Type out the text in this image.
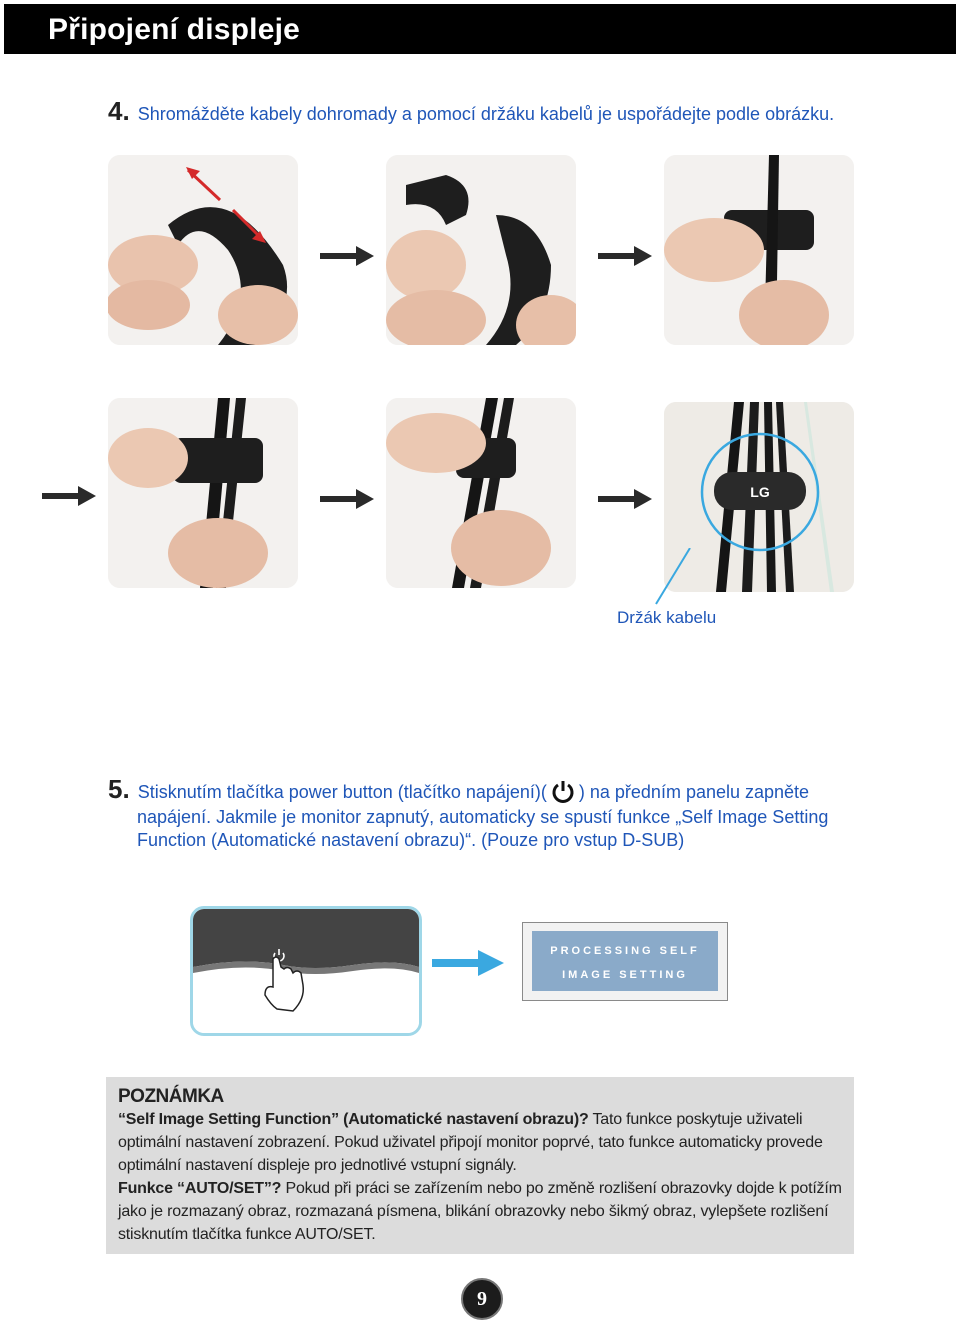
Připojení displeje
4. Shromážděte kabely dohromady a pomocí držáku kabelů je uspořádejte podle obrázku.
LG
Držák kabelu
5. Stisknutím tlačítka power button (tlačítko napájení)( ) na předním panelu zapněte
napájení. Jakmile je monitor zapnutý, automaticky se spustí funkce „Self Image Setting
Function (Automatické nastavení obrazu)“. (Pouze pro vstup D-SUB)
PROCESSING SELF
IMAGE SETTING
POZNÁMKA
“Self Image Setting Function” (Automatické nastavení obrazu)? Tato funkce poskytuje uživateli optimální nastavení zobrazení. Pokud uživatel připojí monitor poprvé, tato funkce automaticky provede optimální nastavení displeje pro jednotlivé vstupní signály.
Funkce “AUTO/SET”? Pokud při práci se zařízením nebo po změně rozlišení obrazovky dojde k potížím jako je rozmazaný obraz, rozmazaná písmena, blikání obrazovky nebo šikmý obraz, vylepšete rozlišení stisknutím tlačítka funkce AUTO/SET.
9
